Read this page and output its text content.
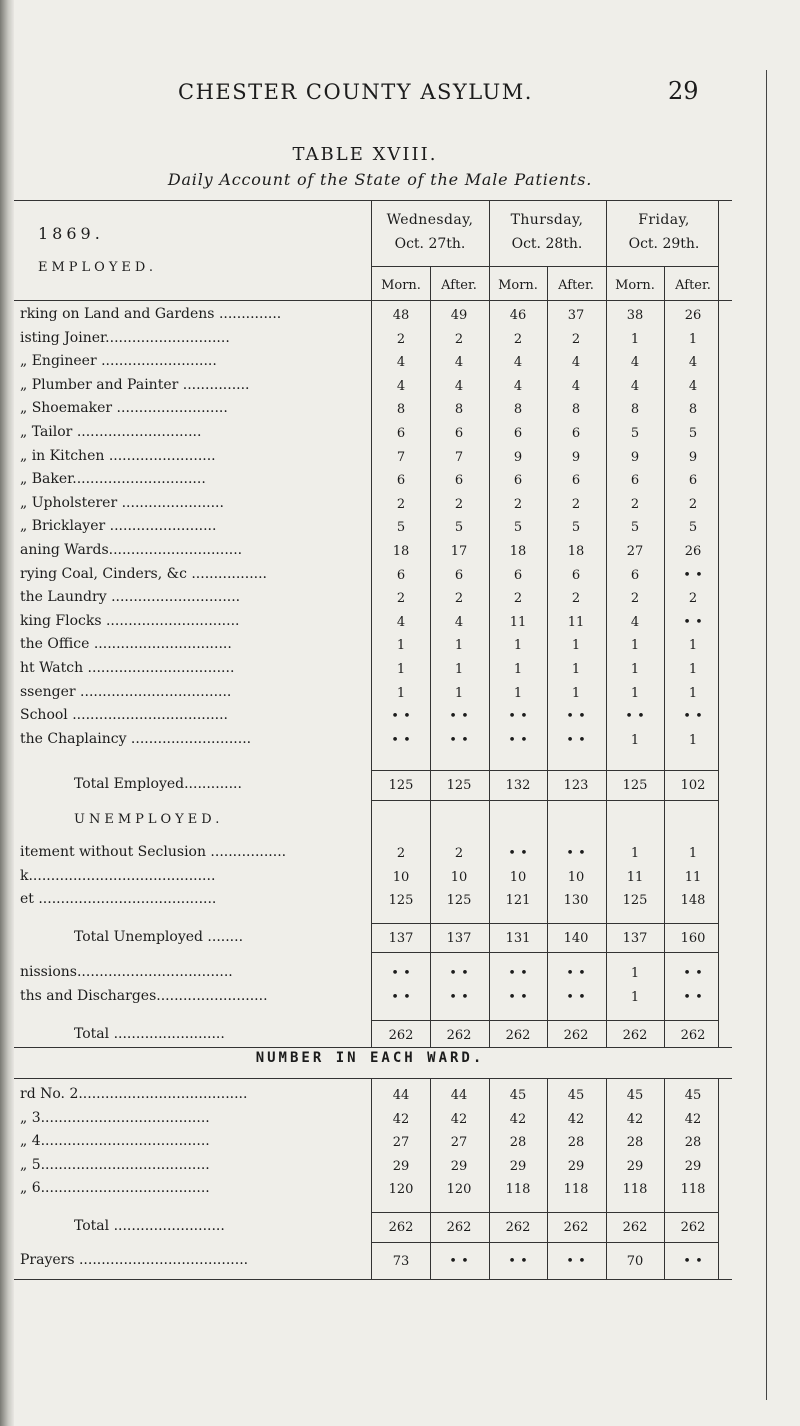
CHESTER COUNTY ASYLUM.	29
TABLE XVIII.
Daily Account of the State of the Male Patients.
1869.
EMPLOYED.
Wednesday,
Oct. 27th.
Thursday,
Oct. 28th.
Friday,
Oct. 29th.
Morn.	After.	Morn.	After.	Morn.	After.
rking on Land and Gardens ..............	48	49	46	37	38	26
isting Joiner............................	2	2	2	2	1	1
„ Engineer ..........................	4	4	4	4	4	4
„ Plumber and Painter ...............	4	4	4	4	4	4
„ Shoemaker .........................	8	8	8	8	8	8
„ Tailor ............................	6	6	6	6	5	5
„ in Kitchen ........................	7	7	9	9	9	9
„ Baker..............................	6	6	6	6	6	6
„ Upholsterer .......................	2	2	2	2	2	2
„ Bricklayer ........................	5	5	5	5	5	5
aning Wards..............................	18	17	18	18	27	26
rying Coal, Cinders, &c .................	6	6	6	6	6	• •
the Laundry .............................	2	2	2	2	2	2
king Flocks ..............................	4	4	11	11	4	• •
the Office ...............................	1	1	1	1	1	1
ht Watch .................................	1	1	1	1	1	1
ssenger ..................................	1	1	1	1	1	1
School ...................................	• •	• •	• •	• •	• •	• •
the Chaplaincy ...........................	• •	• •	• •	• •	1	1
Total Employed.............	125	125	132	123	125	102
UNEMPLOYED.
itement without Seclusion .................	2	2	• •	• •	1	1
k..........................................	10	10	10	10	11	11
et ........................................	125	125	121	130	125	148
Total Unemployed ........	137	137	131	140	137	160
nissions...................................	• •	• •	• •	• •	1	• •
ths and Discharges.........................	• •	• •	• •	• •	1	• •
Total .........................	262	262	262	262	262	262
rd No. 2......................................	44	44	45	45	45	45
„ 3......................................	42	42	42	42	42	42
„ 4......................................	27	27	28	28	28	28
„ 5......................................	29	29	29	29	29	29
„ 6......................................	120	120	118	118	118	118
Total .........................	262	262	262	262	262	262
Prayers ......................................	73	• •	• •	• •	70	• •
NUMBER IN EACH WARD.
